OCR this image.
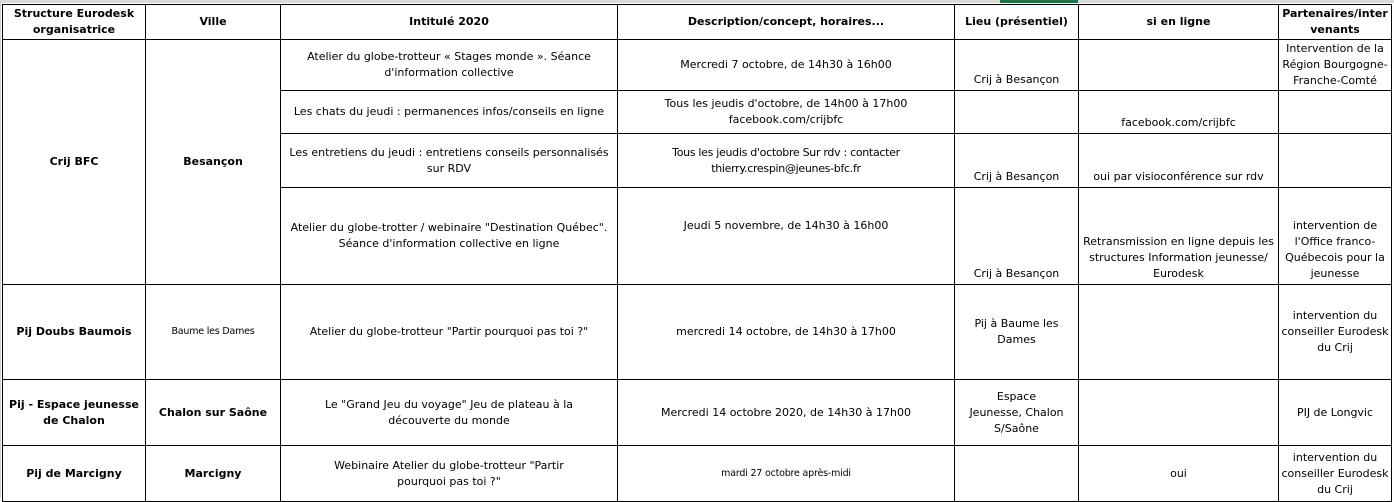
Structure Eurodesk organisatrice	Ville	Intitulé 2020	Description/concept, horaires...	Lieu (présentiel)	si en ligne	Partenaires/intervenants
Crij BFC	Besançon	Atelier du globe-trotteur « Stages monde ». Séance d'information collective	Mercredi 7 octobre, de 14h30 à 16h00	Crij à Besançon		Intervention de la Région Bourgogne-Franche-Comté
		Les chats du jeudi : permanences infos/conseils en ligne	Tous les jeudis d'octobre, de 14h00 à 17h00 facebook.com/crijbfc		facebook.com/crijbfc	
		Les entretiens du jeudi : entretiens conseils personnalisés sur RDV	Tous les jeudis d'octobre Sur rdv : contacter thierry.crespin@jeunes-bfc.fr	Crij à Besançon	oui par visioconférence sur rdv	
		Atelier du globe-trotter / webinaire "Destination Québec". Séance d'information collective en ligne	Jeudi 5 novembre, de 14h30 à 16h00	Crij à Besançon	Retransmission en ligne depuis les structures Information jeunesse/ Eurodesk	intervention de l'Office franco-Québecois pour la jeunesse
Pij Doubs Baumois	Baume les Dames	Atelier du globe-trotteur "Partir pourquoi pas toi ?"	mercredi 14 octobre, de 14h30 à 17h00	Pij à Baume les Dames		intervention du conseiller Eurodesk du Crij
Pij - Espace jeunesse de Chalon	Chalon sur Saône	Le "Grand Jeu du voyage" Jeu de plateau à la découverte du monde	Mercredi 14 octobre 2020, de 14h30 à 17h00	Espace Jeunesse, Chalon S/Saône		PIJ de Longvic
Pij de Marcigny	Marcigny	Webinaire Atelier du globe-trotteur "Partir pourquoi pas toi ?"	mardi 27 octobre après-midi		oui	intervention du conseiller Eurodesk du Crij
